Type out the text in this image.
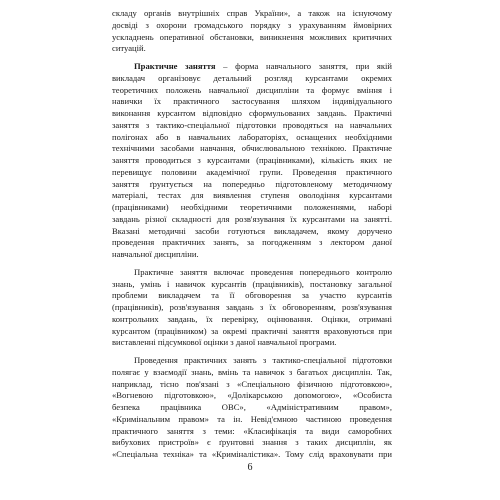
складу органів внутрішніх справ України», а також на існуючому
досвіді з охорони громадського порядку з урахуванням ймовірних
ускладнень оперативної обстановки, виникнення можливих критичних
ситуацій.
Практичне заняття – форма навчального заняття, при якій
викладач організовує детальний розгляд курсантами окремих
теоретичних положень навчальної дисципліни та формує вміння і
навички їх практичного застосування шляхом індивідуального
виконання курсантом відповідно сформульованих завдань. Практичні
заняття з тактико-спеціальної підготовки проводяться на навчальних
полігонах або в навчальних лабораторіях, оснащених необхідними
технічними засобами навчання, обчислювальною технікою. Практичне
заняття проводиться з курсантами (працівниками), кількість яких не
перевищує половини академічної групи. Проведення практичного
заняття ґрунтується на попередньо підготовленому методичному
матеріалі, тестах для виявлення ступеня оволодіння курсантами
(працівниками) необхідними теоретичними положеннями, наборі
завдань різної складності для розв'язування їх курсантами на занятті.
Вказані методичні засоби готуються викладачем, якому доручено
проведення практичних занять, за погодженням з лектором даної
навчальної дисципліни.
Практичне заняття включає проведення попереднього контролю
знань, умінь і навичок курсантів (працівників), постановку загальної
проблеми викладачем та її обговорення за участю курсантів
(працівників), розв'язування завдань з їх обговоренням, розв'язування
контрольних завдань, їх перевірку, оцінювання. Оцінки, отримані
курсантом (працівником) за окремі практичні заняття враховуються при
виставленні підсумкової оцінки з даної навчальної програми.
Проведення практичних занять з тактико-спеціальної підготовки
полягає у взаємодії знань, вмінь та навичок з багатьох дисциплін. Так,
наприклад, тісно пов'язані з «Спеціальною фізичною підготовкою»,
«Вогневою підготовкою», «Долікарською допомогою», «Особиста
безпека працівника ОВС», «Адміністративним правом»,
«Кримінальним правом» та ін. Невід'ємною частиною проведення
практичного заняття з теми: «Класифікація та види саморобних
вибухових пристроїв» є ґрунтовні знання з таких дисциплін, як
«Спеціальна техніка» та «Криміналістика». Тому слід враховувати при
6
